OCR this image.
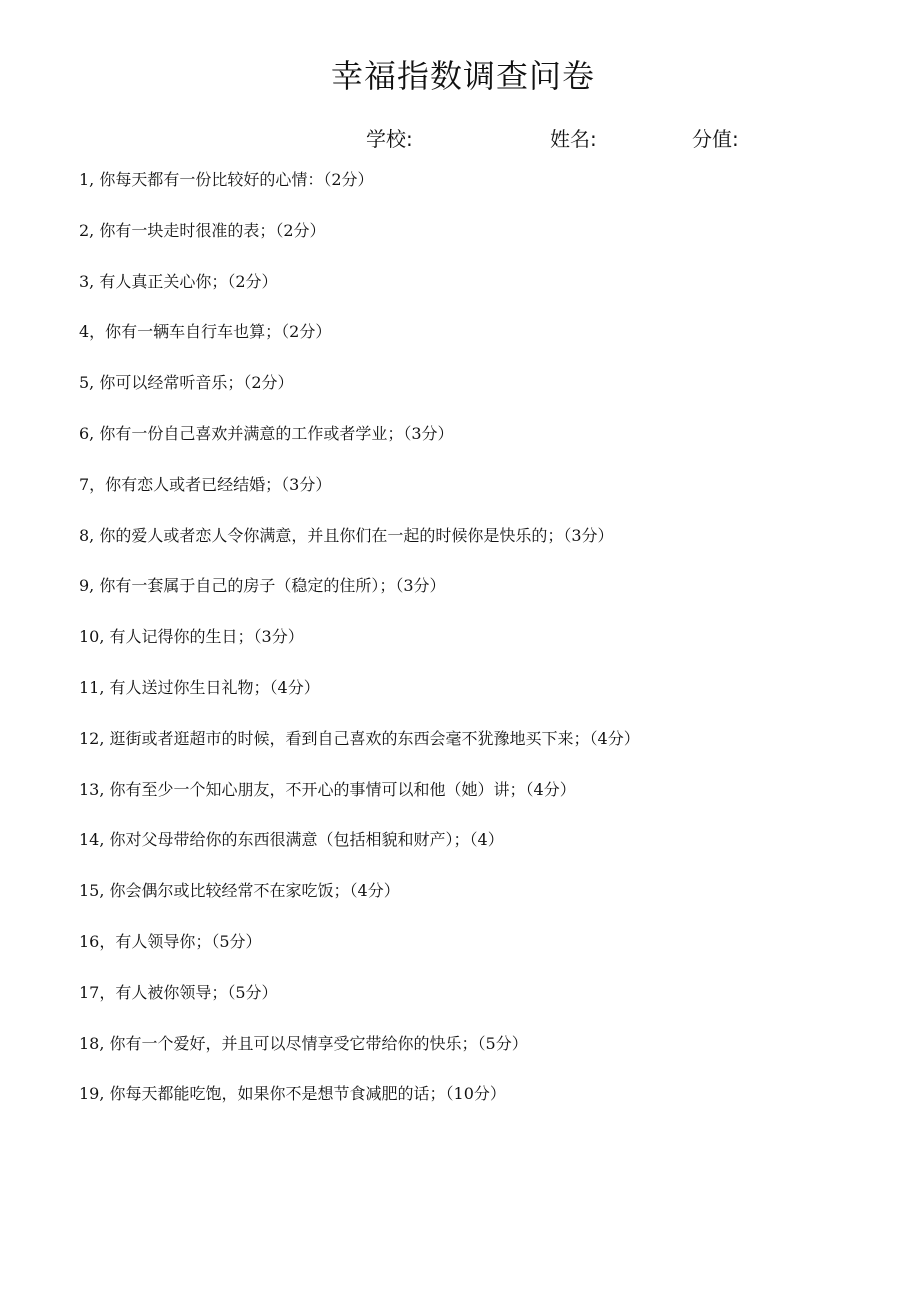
幸福指数调查问卷
学校:	姓名:	分值:
1, 你每天都有一份比较好的心情：（2分）
2, 你有一块走时很准的表；（2分）
3, 有人真正关心你；（2分）
4，你有一辆车自行车也算；（2分）
5, 你可以经常听音乐；（2分）
6, 你有一份自己喜欢并满意的工作或者学业；（3分）
7，你有恋人或者已经结婚；（3分）
8, 你的爱人或者恋人令你满意，并且你们在一起的时候你是快乐的；（3分）
9, 你有一套属于自己的房子（稳定的住所）；（3分）
10, 有人记得你的生日；（3分）
11, 有人送过你生日礼物；（4分）
12, 逛街或者逛超市的时候，看到自己喜欢的东西会毫不犹豫地买下来；（4分）
13, 你有至少一个知心朋友，不开心的事情可以和他（她）讲；（4分）
14, 你对父母带给你的东西很满意（包括相貌和财产）；（4）
15, 你会偶尔或比较经常不在家吃饭；（4分）
16，有人领导你；（5分）
17，有人被你领导；（5分）
18, 你有一个爱好，并且可以尽情享受它带给你的快乐；（5分）
19, 你每天都能吃饱，如果你不是想节食减肥的话；（10分）
